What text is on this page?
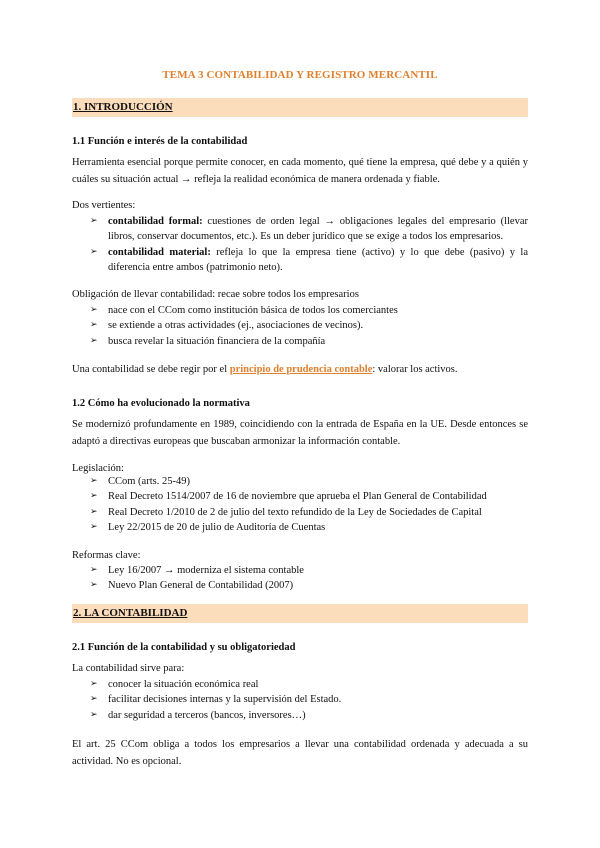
TEMA 3 CONTABILIDAD Y REGISTRO MERCANTIL
1. INTRODUCCIÓN
1.1 Función e interés de la contabilidad
Herramienta esencial porque permite conocer, en cada momento, qué tiene la empresa, qué debe y a quién y cuáles su situación actual → refleja la realidad económica de manera ordenada y fiable.
Dos vertientes:
➢ contabilidad formal: cuestiones de orden legal → obligaciones legales del empresario (llevar libros, conservar documentos, etc.). Es un deber jurídico que se exige a todos los empresarios.
➢ contabilidad material: refleja lo que la empresa tiene (activo) y lo que debe (pasivo) y la diferencia entre ambos (patrimonio neto).
Obligación de llevar contabilidad: recae sobre todos los empresarios
➢ nace con el CCom como institución básica de todos los comerciantes
➢ se extiende a otras actividades (ej., asociaciones de vecinos).
➢ busca revelar la situación financiera de la compañía
Una contabilidad se debe regir por el principio de prudencia contable: valorar los activos.
1.2 Cómo ha evolucionado la normativa
Se modernizó profundamente en 1989, coincidiendo con la entrada de España en la UE. Desde entonces se adaptó a directivas europeas que buscaban armonizar la información contable.
Legislación:
➢ CCom (arts. 25-49)
➢ Real Decreto 1514/2007 de 16 de noviembre que aprueba el Plan General de Contabilidad
➢ Real Decreto 1/2010 de 2 de julio del texto refundido de la Ley de Sociedades de Capital
➢ Ley 22/2015 de 20 de julio de Auditoría de Cuentas
Reformas clave:
➢ Ley 16/2007 → moderniza el sistema contable
➢ Nuevo Plan General de Contabilidad (2007)
2. LA CONTABILIDAD
2.1 Función de la contabilidad y su obligatoriedad
La contabilidad sirve para:
➢ conocer la situación económica real
➢ facilitar decisiones internas y la supervisión del Estado.
➢ dar seguridad a terceros (bancos, inversores…)
El art. 25 CCom obliga a todos los empresarios a llevar una contabilidad ordenada y adecuada a su actividad. No es opcional.
